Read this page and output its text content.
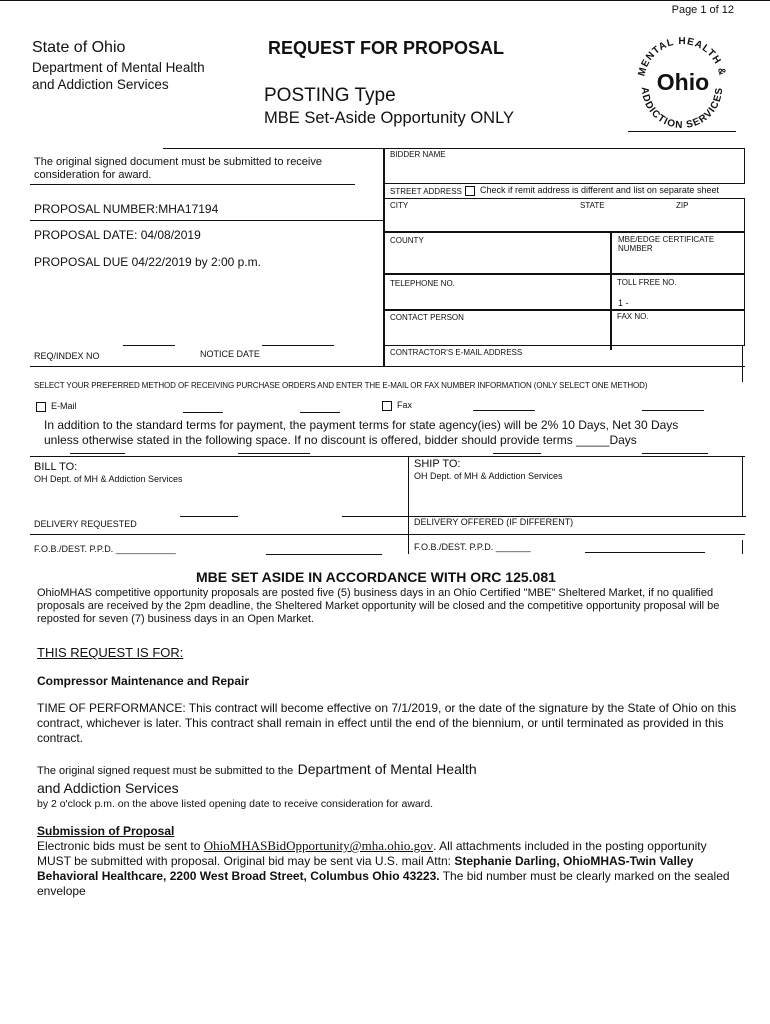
Page 1 of 12
State of Ohio
Department of Mental Health
and Addiction Services
REQUEST FOR PROPOSAL
POSTING Type
MBE Set-Aside Opportunity ONLY
MENTAL HEALTH &
ADDICTION SERVICES
Ohio
The original signed document must be submitted to receive consideration for award.
PROPOSAL NUMBER:MHA17194
PROPOSAL DATE: 04/08/2019
PROPOSAL DUE 04/22/2019 by 2:00 p.m.
REQ/INDEX NO	NOTICE DATE
BIDDER NAME
STREET ADDRESS	Check if remit address is different and list on separate sheet
CITY	STATE	ZIP
COUNTY	MBE/EDGE CERTIFICATE NUMBER
TELEPHONE NO.	TOLL FREE NO.
1 -
CONTACT PERSON	FAX NO.
CONTRACTOR'S E-MAIL ADDRESS
SELECT YOUR PREFERRED METHOD OF RECEIVING PURCHASE ORDERS AND ENTER THE E-MAIL OR FAX NUMBER INFORMATION (ONLY SELECT ONE METHOD)
E-Mail	Fax
In addition to the standard terms for payment, the payment terms for state agency(ies) will be 2% 10 Days, Net 30 Days unless otherwise stated in the following space. If no discount is offered, bidder should provide terms _____Days
BILL TO:
OH Dept. of MH & Addiction Services
SHIP TO:
OH Dept. of MH & Addiction Services
DELIVERY REQUESTED	DELIVERY OFFERED (IF DIFFERENT)
F.O.B./DEST. P.P.D. ____________	F.O.B./DEST. P.P.D. _______
MBE SET ASIDE IN ACCORDANCE WITH ORC 125.081
OhioMHAS competitive opportunity proposals are posted five (5) business days in an Ohio Certified "MBE" Sheltered Market, if no qualified proposals are received by the 2pm deadline, the Sheltered Market opportunity will be closed and the competitive opportunity proposal will be reposted for seven (7) business days in an Open Market.
THIS REQUEST IS FOR:
Compressor Maintenance and Repair
TIME OF PERFORMANCE: This contract will become effective on 7/1/2019, or the date of the signature by the State of Ohio on this contract, whichever is later. This contract shall remain in effect until the end of the biennium, or until terminated as provided in this contract.
The original signed request must be submitted to the Department of Mental Health
and Addiction Services
by 2 o'clock p.m. on the above listed opening date to receive consideration for award.
Submission of Proposal
Electronic bids must be sent to OhioMHASBidOpportunity@mha.ohio.gov. All attachments included in the posting opportunity MUST be submitted with proposal. Original bid may be sent via U.S. mail Attn: Stephanie Darling, OhioMHAS-Twin Valley Behavioral Healthcare, 2200 West Broad Street, Columbus Ohio 43223. The bid number must be clearly marked on the sealed envelope
